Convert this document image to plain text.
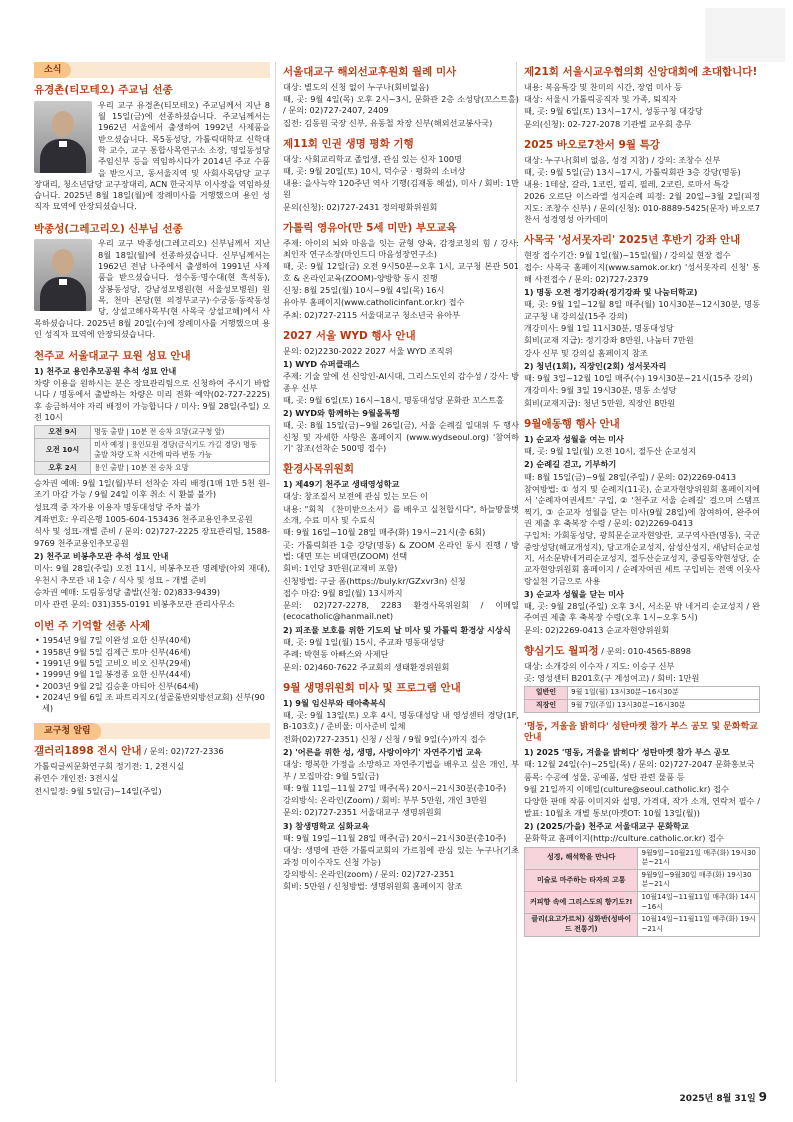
소식
유경촌(티모테오) 주교님 선종

우리 교구 유경촌(티모테오) 주교님께서 지난 8월 15일(금)에 선종하셨습니다. 주교님께서는 1962년 서울에서 출생하여 1992년 사제품을 받으셨습니다. 목5동성당, 가톨릭대학교 신학대학 교수, 교구 통합사목연구소 소장, 명일동성당 주임신부 등을 역임하시다가 2014년 주교 수품을 받으시고, 동서울지역 및 사회사목담당 교구장대리, 청소년담당 교구장대리, ACN 한국지부 이사장을 역임하셨습니다. 2025년 8월 18일(월)에 장례미사를 거행했으며 용인 성직자 묘역에 안장되셨습니다.

박종성(그레고리오) 신부님 선종

우리 교구 박종성(그레고리오) 신부님께서 지난 8월 18일(월)에 선종하셨습니다. 신부님께서는 1962년 전남 나주에서 출생하여 1991년 사제품을 받으셨습니다. 성수동·명수대(현 흑석동), 상봉동성당, 강남성모병원(현 서울성모병원) 원목, 천마 본당(현 의정부교구)·수궁동·동작동성당, 상설고해사목부(현 사목국 상설고해)에서 사목하셨습니다. 2025년 8월 20일(수)에 장례미사를 거행했으며 용인 성직자 묘역에 안장되셨습니다.

천주교 서울대교구 묘원 성묘 안내
1) 천주교 용인추모공원 추석 성묘 안내

차량 이용을 원하시는 분은 장묘관리팀으로 신청하여 주시기 바랍니다 / 명동에서 출발하는 차량은 미리 전화 예약(02-727-2225)후 송금하셔야 자리 배정이 가능합니다 / 미사: 9월 28일(주일) 오전 10시

오전 9시	명동 출발 | 10분 전 승차 요망(교구청 앞)
오전 10시	미사 예정 | 용인묘원 경당(금식기도 가길 경당) 명동 출발 차량 도착 시간에 따라 변동 가능
오후 2시	용인 출발 | 10분 전 승차 요망

승차권 예매: 9월 1일(월)부터 선착순 자리 배정(1매 1만 5천 원–조기 마감 가능 / 9월 24일 이후 취소 시 환불 불가)

성묘객 중 자가용 이용자 명동대성당 주차 불가

계좌번호: 우리은행 1005-604-153436 천주교용인추모공원

식사 및 성묘-개별 준비 / 문의: 02)727-2225 장묘관리팀, 1588-9769 천주교용인추모공원

2) 천주교 비봉추모관 추석 성묘 안내

미사: 9월 28일(주일) 오전 11시, 비봉추모관 명례방(아외 재대), 우천시 추모관 내 1층 / 식사 및 성묘 – 개별 준비

승차권 예매: 도림동성당 출발(신청: 02)833-9439)

미사 관련 문의: 031)355-0191 비봉추모관 관리사무소

이번 주 기억할 선종 사제
• 1954년 9월 7일 이완성 요한 신부(40세)
• 1958년 9월 5일 김제근 토마 신부(46세)
• 1991년 9월 5일 고비오 비오 신부(29세)
• 1999년 9월 1일 봉경종 요한 신부(44세)
• 2003년 9월 2일 김승훈 마티아 신부(64세)
• 2024년 9월 6일 조 파트리지오(성골룸반외방선교회) 신부(90세)
교구청 알림
갤러리1898 전시 안내 / 문의: 02)727-2336

가톨릭글씨문화연구회 정기전: 1, 2전시실

류연수 개인전: 3전시실

전시일정: 9월 5일(금)~14일(주일)

서울대교구 해외선교후원회 월례 미사

대상: 별도의 신청 없이 누구나(회비없음)

때, 곳: 9월 4일(목) 오후 2시~3시, 문화관 2층 소성당(꼬스트홀) / 문의: 02)727-2407, 2409

집전: 김동원 국장 신부, 유동철 차장 신부(해외선교봉사국)

제11회 인권 생명 평화 기행

대상: 사회교리학교 졸업생, 관심 있는 신자 100명

때, 곳: 9월 20일(토) 10시, 덕수궁 · 평화의 소녀상

내용: 을사늑약 120주년 역사 기행(김재동 해설), 미사 / 회비: 1만원

문의(신청): 02)727-2431 정의평화위원회

가톨릭 영유아(만 5세 미만) 부모교육

주제: 아이의 뇌와 마음을 잇는 균형 양육, 감정코칭의 힘 / 강사: 최인자 연구소장(마인드디 마음성장연구소)

때, 곳: 9월 12일(금) 오전 9시50분~오후 1시, 교구청 본관 501호 & 온라인교육(ZOOM)-양방향 동시 진행

신청: 8월 25일(월) 10시~9월 4일(목) 16시

유아부 홈페이지(www.catholicinfant.or.kr) 접수

주최: 02)727-2115 서울대교구 청소년국 유아부

2027 서울 WYD 행사 안내

문의: 02)2230-2022 2027 서울 WYD 조직위

1) WYD 슈퍼클래스

주제: 기술 앞에 선 신앙인-AI시대, 그리스도인의 감수성 / 강사: 방종우 신부

때, 곳: 9월 6일(토) 16시~18시, 명동대성당 문화관 꼬스트홀

2) WYD와 함께하는 9월올톡행

때, 곳: 8월 15일(금)~9월 26일(금), 서울 순례길 일대위 두 행사 신청 및 자세한 사항은 홈페이지 (www.wydseoul.org) '참여하기' 참조(선착순 500명 접수)

환경사목위원회
1) 제49기 천주교 생태영성학교

대상: 창조질서 보전에 관심 있는 모든 이

내용: "회칙 《찬미받으소서》를 배우고 실천합시다", 하늘땅물벗 소개, 수료 미사 및 수료식

때: 9월 16일~10월 28일 매주(화) 19시~21시(총 6회)

곳: 가톨릭회관 1층 강당(명동) & ZOOM 온라인 동시 진행 / 방법: 대면 또는 비대면(ZOOM) 선택

회비: 1인당 3만원(교재비 포함)

신청방법: 구글 폼(https://buly.kr/GZxvr3n) 신청

접수 마감: 9월 8일(월) 13시까지

문의: 02)727-2278, 2283 환경사목위원회 / 이메일(ecocatholic@hanmail.net)

2) 피조물 보호를 위한 기도의 날 미사 및 가톨릭 환경상 시상식

때, 곳: 9월 1일(월) 15시, 주교좌 명동대성당

주례: 박현동 아빠스와 사제단

문의: 02)460-7622 주교회의 생태환경위원회

9월 생명위원회 미사 및 프로그램 안내
1) 9월 임신부와 태아축복식

때, 곳: 9월 13일(토) 오후 4시, 명동대성당 내 영성센터 경당(1F, B-103호) / 준비물: 미사준비 일체

전화(02)727-2351) 신청 / 신청 / 9월 9일(수)까지 접수

2) '어른을 위한 성, 생명, 사랑이야기' 자연주기법 교육

대상: 행복한 가정을 소망하고 자연주기법을 배우고 싶은 개인, 부부 / 모집마감: 9월 5일(금)

때: 9월 11일~11월 27일 매주(목) 20시~21시30분(총10주)

강의방식: 온라인(Zoom) / 회비: 부부 5만원, 개인 3만원

문의: 02)727-2351 서울대교구 생명위원회

3) 참생명학교 심화교육

때: 9월 19일~11월 28일 매주(금) 20시~21시30분(총10주)

대상: 생명에 관한 가톨릭교회의 가르침에 관심 있는 누구나(기초과정 미이수자도 신청 가능)

강의방식: 온라인(zoom) / 문의: 02)727-2351

회비: 5만원 / 신청방법: 생명위원회 홈페이지 참조

제21회 서울시교우협의회 신앙대회에 초대합니다!

내용: 복음특강 및 찬미의 시간, 장엄 미사 등

대상: 서울시 가톨릭공직자 및 가족, 퇴직자

때, 곳: 9월 6일(토) 13시~17시, 성동구청 대강당

문의(신청): 02-727-2078 기관별 교우회 총무

2025 바오로7찬서 9월 특강

대상: 누구나(회비 없음, 성경 지참) / 강의: 조창수 신부

때, 곳: 9월 5일(금) 13시~17시, 가톨릭회관 3층 강당(명동)

내용: 1테살, 갈라, 1코린, 필리, 필레, 2코린, 로마서 특강

2026 오르단 이스라엘 성지순례 피정: 2월 20일~3월 2일(피정 지도: 조창수 신부) / 문의(신청): 010-8889-5425(문자) 바오로7찬서 성경영성 아카데미

사목국 '성서못자리' 2025년 후반기 강좌 안내

현장 접수기간: 9월 1일(월)~15일(월) / 강의실 현장 접수

접수: 사목국 홈페이지(www.samok.or.kr) '성서못자리 신청' 통해 사전접수 / 문의: 02)727-2379

1) 명동 오전 정기강좌(정기강좌 및 나눔터학교)

때, 곳: 9월 1일~12월 8일 매주(월) 10시30분~12시30분, 명동 교구청 내 강의실(15주 강의)

개강미사: 9월 1일 11시30분, 명동대성당

회비(교재 지급): 정기강좌 8만원, 나눔터 7만원

강사 신부 및 강의실 홈페이지 참조

2) 청년(1회), 직장인(2회) 성서못자리

때: 9월 3일~12월 10일 매주(수) 19시30분~21시(15주 강의)

개강미사: 9월 3일 19시30분, 명동 소성당

회비(교재지급): 청년 5만원, 직장인 8만원

9월애동행 행사 안내
1) 순교자 성월을 여는 미사

때, 곳: 9월 1일(월) 오전 10시, 절두산 순교성지

2) 순례길 걷고, 기부하기

때: 8월 15일(금)~9월 28일(주일) / 문의: 02)2269-0413

참여방법: ① 성지 및 순례지(11곳), 순교자현양위원회 홈페이지에서 '순례자여권세트' 구입, ② '천주교 서울 순례길' 걸으며 스탬프 찍기, ③ 순교자 성월을 닫는 미사(9월 28일)에 참여하여, 완주여권 제출 후 축복장 수령 / 문의: 02)2269-0413

구입처: 가회동성당, 광희문순교자현양관, 교구역사관(명동), 국군중앙성당(해교개성지), 당고개순교성지, 삼성산성지, 새남터순교성지, 서소문밖네거리순교성지, 절두산순교성지, 중림동약현성당, 순교자현양위원회 홈페이지 / 순례자여권 세트 구입비는 전액 이웃사랑실천 기금으로 사용

3) 순교자 성월을 닫는 미사

때, 곳: 9월 28일(주일) 오후 3시, 서소문 밖 네거리 순교성지 / 완주여권 제출 후 축복장 수령(오후 1시~오후 5시)

문의: 02)2269-0413 순교자현양위원회

향심기도 월피정 / 문의: 010-4565-8898

대상: 소개강의 이수자 / 지도: 이승구 신부

곳: 영성센터 B201호(구 계성여고) / 회비: 1만원

일반인	9월 1일(월) 13시30분~16시30분
직장인	9월 7일(주일) 13시30분~16시30분
'명동, 겨울을 밝히다' 성탄마켓 참가 부스 공모 및 문화학교 안내
1) 2025 '명동, 겨울을 밝히다' 성탄마켓 참가 부스 공모

때: 12월 24일(수)~25일(목) / 문의: 02)727-2047 문화홍보국

품목: 수공예 성물, 공예품, 성탄 관련 물품 등

9월 21일까지 이메일(culture@seoul.catholic.kr) 접수

다양한 판매 작품 이미지와 설명, 가격대, 작가 소개, 연락처 필수 / 발표: 10월초 개별 통보(마켓OT: 10월 13일(월))

2) (2025/가을) 천주교 서울대교구 문화학교

문화학교 홈페이지(http://culture.catholic.or.kr) 접수

성경, 해석학을 만나다	9월9일~10월21일 매주(화) 19시30분~21시
미술로 마주하는 타자의 고통	9월9일~9월30일 매주(화) 19시30분~21시
커피향 속에 그리스도의 향기도?!	10월14일~11월11일 매주(화) 14시~16시
클리(요고가르처) 심화반(성바이드 전통기)	10월14일~11월11일 매주(화) 19시~21시
2025년 8월 31일 9
